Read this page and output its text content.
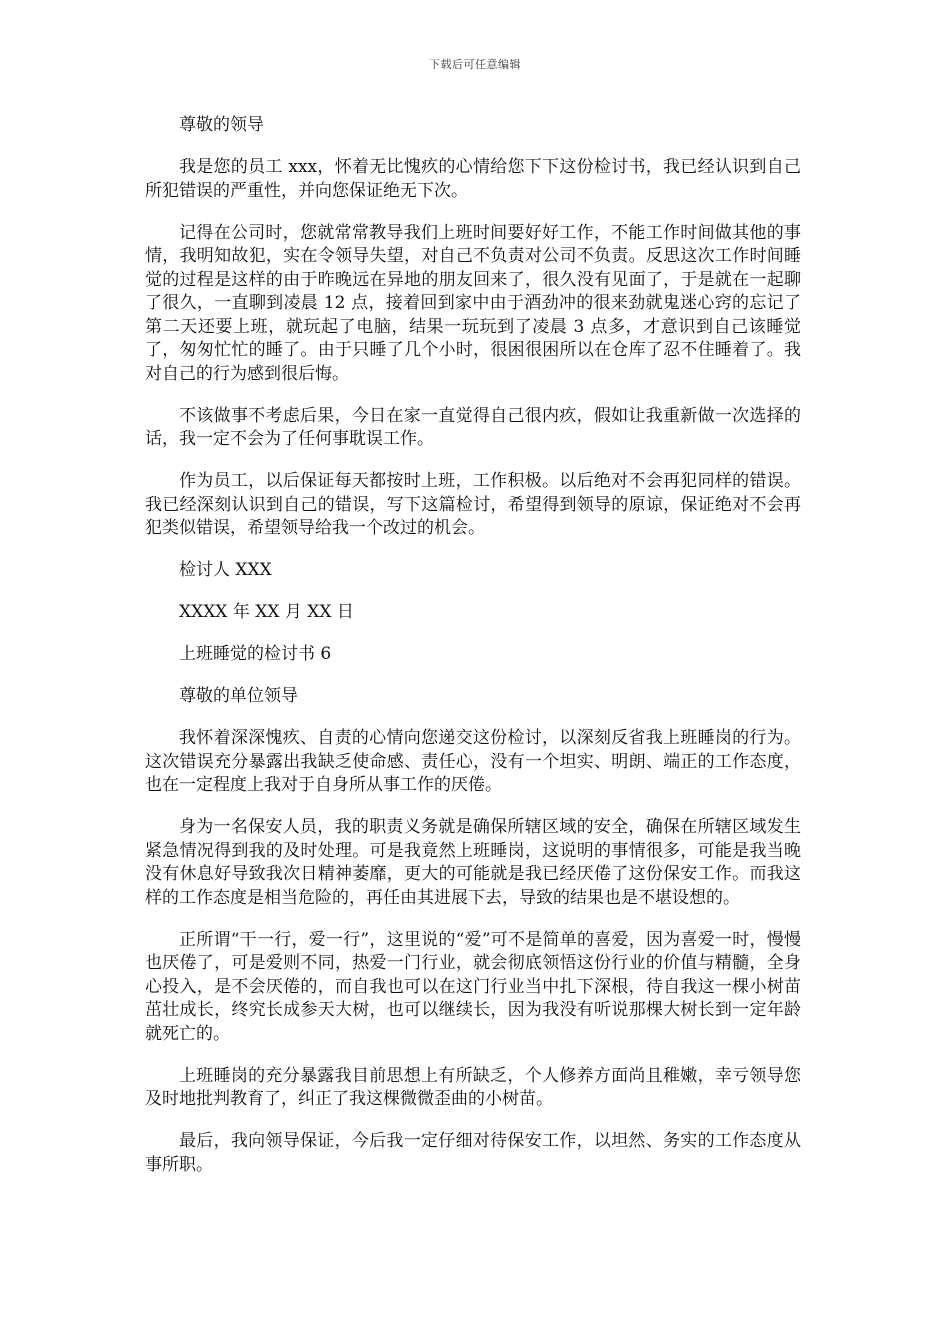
下载后可任意编辑

尊敬的领导

我是您的员工 xxx，怀着无比愧疚的心情给您下下这份检讨书，我已经认识到自己所犯错误的严重性，并向您保证绝无下次。

记得在公司时，您就常常教导我们上班时间要好好工作，不能工作时间做其他的事情，我明知故犯，实在令领导失望，对自己不负责对公司不负责。反思这次工作时间睡觉的过程是这样的由于昨晚远在异地的朋友回来了，很久没有见面了，于是就在一起聊了很久，一直聊到凌晨 12 点，接着回到家中由于酒劲冲的很来劲就鬼迷心窍的忘记了第二天还要上班，就玩起了电脑，结果一玩玩到了凌晨 3 点多，才意识到自己该睡觉了，匆匆忙忙的睡了。由于只睡了几个小时，很困很困所以在仓库了忍不住睡着了。我对自己的行为感到很后悔。

不该做事不考虑后果，今日在家一直觉得自己很内疚，假如让我重新做一次选择的话，我一定不会为了任何事耽误工作。

作为员工，以后保证每天都按时上班，工作积极。以后绝对不会再犯同样的错误。我已经深刻认识到自己的错误，写下这篇检讨，希望得到领导的原谅，保证绝对不会再犯类似错误，希望领导给我一个改过的机会。

检讨人 XXX

XXXX 年 XX 月 XX 日

上班睡觉的检讨书 6

尊敬的单位领导

我怀着深深愧疚、自责的心情向您递交这份检讨，以深刻反省我上班睡岗的行为。这次错误充分暴露出我缺乏使命感、责任心，没有一个坦实、明朗、端正的工作态度，也在一定程度上我对于自身所从事工作的厌倦。

身为一名保安人员，我的职责义务就是确保所辖区域的安全，确保在所辖区域发生紧急情况得到我的及时处理。可是我竟然上班睡岗，这说明的事情很多，可能是我当晚没有休息好导致我次日精神萎靡，更大的可能就是我已经厌倦了这份保安工作。而我这样的工作态度是相当危险的，再任由其进展下去，导致的结果也是不堪设想的。

正所谓“干一行，爱一行”，这里说的“爱”可不是简单的喜爱，因为喜爱一时，慢慢也厌倦了，可是爱则不同，热爱一门行业，就会彻底领悟这份行业的价值与精髓，全身心投入，是不会厌倦的，而自我也可以在这门行业当中扎下深根，待自我这一棵小树苗茁壮成长，终究长成参天大树，也可以继续长，因为我没有听说那棵大树长到一定年龄就死亡的。

上班睡岗的充分暴露我目前思想上有所缺乏，个人修养方面尚且稚嫩，幸亏领导您及时地批判教育了，纠正了我这棵微微歪曲的小树苗。

最后，我向领导保证，今后我一定仔细对待保安工作，以坦然、务实的工作态度从事所职。
